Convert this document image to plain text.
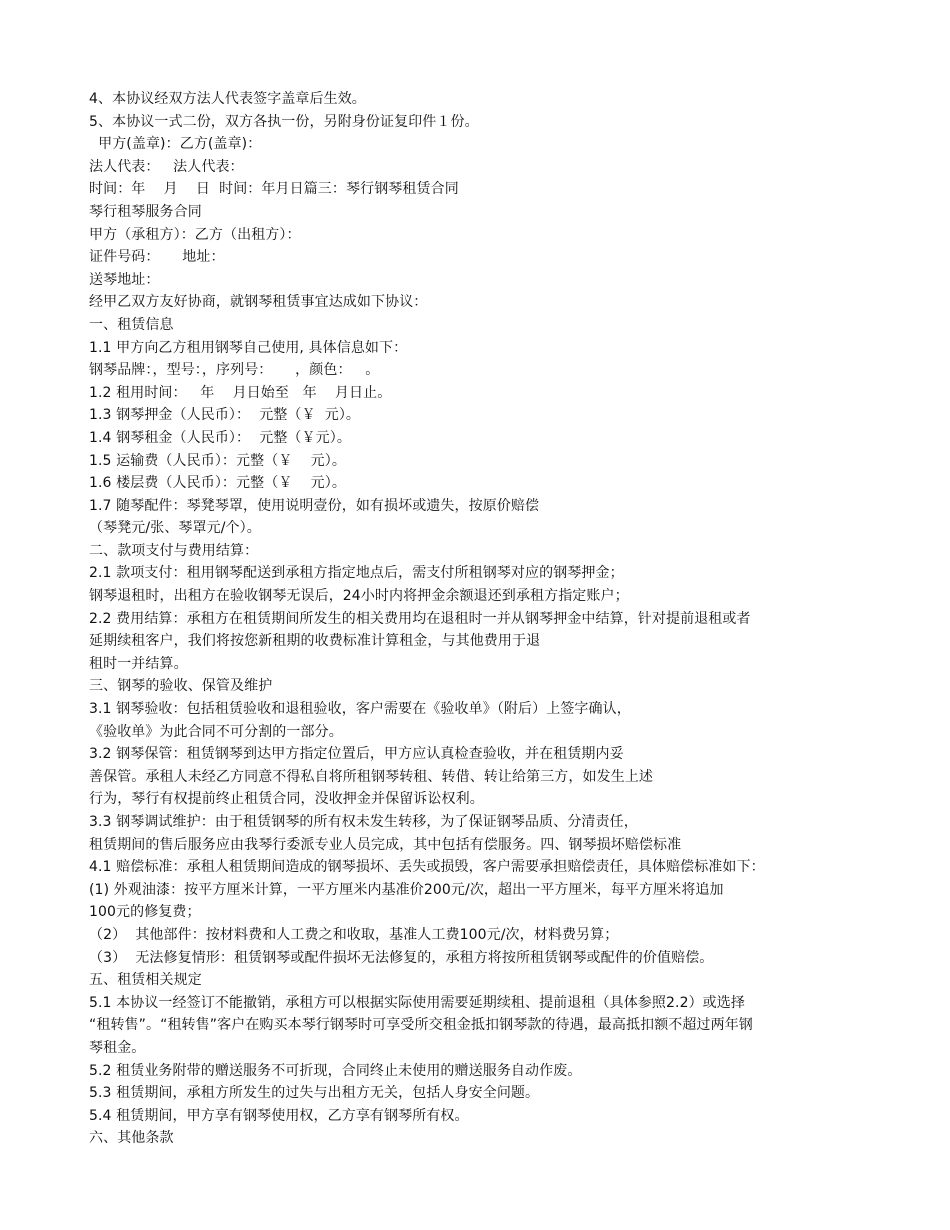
4、本协议经双方法人代表签字盖章后生效。
5、本协议一式二份，双方各执一份，另附身份证复印件１份。
甲方(盖章)：乙方(盖章)：
法人代表：   法人代表：
时间：年    月    日  时间：年月日篇三：琴行钢琴租赁合同
琴行租琴服务合同
甲方（承租方）：乙方（出租方）：
证件号码：     地址：
送琴地址：
经甲乙双方友好协商，就钢琴租赁事宜达成如下协议：
一、租赁信息
1.1 甲方向乙方租用钢琴自己使用, 具体信息如下：
钢琴品牌：，型号：，序列号：     ，颜色：   。
1.2 租用时间：   年    月日始至   年    月日止。
1.3 钢琴押金（人民币）：  元整（￥  元）。
1.4 钢琴租金（人民币）：  元整（￥元）。
1.5 运输费（人民币）：元整（￥    元）。
1.6 楼层费（人民币）：元整（￥    元）。
1.7 随琴配件：琴凳琴罩，使用说明壹份，如有损坏或遗失，按原价赔偿
（琴凳元/张、琴罩元/个）。
二、款项支付与费用结算：
2.1 款项支付：租用钢琴配送到承租方指定地点后，需支付所租钢琴对应的钢琴押金；
钢琴退租时，出租方在验收钢琴无误后，24小时内将押金余额退还到承租方指定账户；
2.2 费用结算：承租方在租赁期间所发生的相关费用均在退租时一并从钢琴押金中结算，针对提前退租或者
延期续租客户，我们将按您新租期的收费标准计算租金，与其他费用于退
租时一并结算。
三、钢琴的验收、保管及维护
3.1 钢琴验收：包括租赁验收和退租验收，客户需要在《验收单》（附后）上签字确认，
《验收单》为此合同不可分割的一部分。
3.2 钢琴保管：租赁钢琴到达甲方指定位置后，甲方应认真检查验收，并在租赁期内妥
善保管。承租人未经乙方同意不得私自将所租钢琴转租、转借、转让给第三方，如发生上述
行为，琴行有权提前终止租赁合同，没收押金并保留诉讼权利。
3.3 钢琴调试维护：由于租赁钢琴的所有权未发生转移，为了保证钢琴品质、分清责任，
租赁期间的售后服务应由我琴行委派专业人员完成，其中包括有偿服务。四、钢琴损坏赔偿标准
4.1 赔偿标准：承租人租赁期间造成的钢琴损坏、丢失或损毁，客户需要承担赔偿责任，具体赔偿标准如下：
(1) 外观油漆：按平方厘米计算，一平方厘米内基准价200元/次，超出一平方厘米，每平方厘米将追加
100元的修复费；
（2）  其他部件：按材料费和人工费之和收取，基准人工费100元/次，材料费另算；
（3）  无法修复情形：租赁钢琴或配件损坏无法修复的，承租方将按所租赁钢琴或配件的价值赔偿。
五、租赁相关规定
5.1 本协议一经签订不能撤销，承租方可以根据实际使用需要延期续租、提前退租（具体参照2.2）或选择
“租转售”。“租转售”客户在购买本琴行钢琴时可享受所交租金抵扣钢琴款的待遇，最高抵扣额不超过两年钢
琴租金。
5.2 租赁业务附带的赠送服务不可折现，合同终止未使用的赠送服务自动作废。
5.3 租赁期间，承租方所发生的过失与出租方无关，包括人身安全问题。
5.4 租赁期间，甲方享有钢琴使用权，乙方享有钢琴所有权。
六、其他条款
